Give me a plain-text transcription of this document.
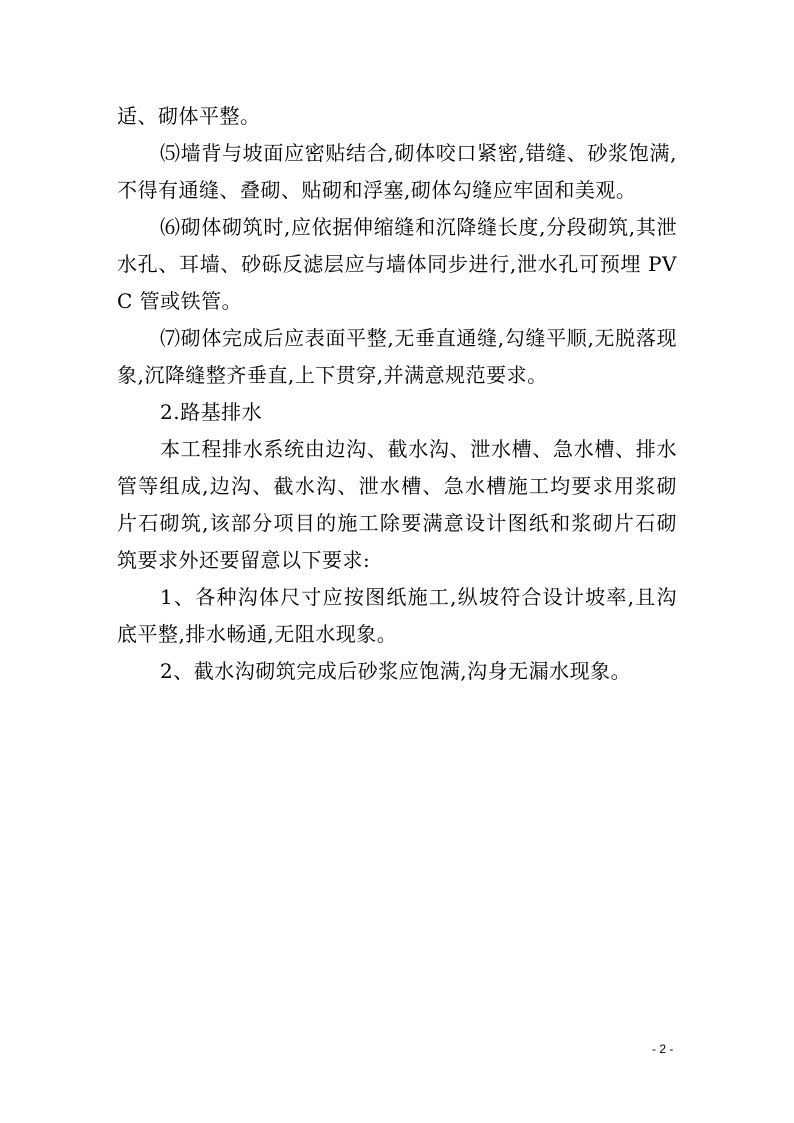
适、砌体平整。

⑸墙背与坡面应密贴结合,砌体咬口紧密,错缝、砂浆饱满,不得有通缝、叠砌、贴砌和浮塞,砌体勾缝应牢固和美观。

⑹砌体砌筑时,应依据伸缩缝和沉降缝长度,分段砌筑,其泄水孔、耳墙、砂砾反滤层应与墙体同步进行,泄水孔可预埋 PVC 管或铁管。

⑺砌体完成后应表面平整,无垂直通缝,勾缝平顺,无脱落现象,沉降缝整齐垂直,上下贯穿,并满意规范要求。

2.路基排水

本工程排水系统由边沟、截水沟、泄水槽、急水槽、排水管等组成,边沟、截水沟、泄水槽、急水槽施工均要求用浆砌片石砌筑,该部分项目的施工除要满意设计图纸和浆砌片石砌筑要求外还要留意以下要求:

1、各种沟体尺寸应按图纸施工,纵坡符合设计坡率,且沟底平整,排水畅通,无阻水现象。

2、截水沟砌筑完成后砂浆应饱满,沟身无漏水现象。

- 2 -
